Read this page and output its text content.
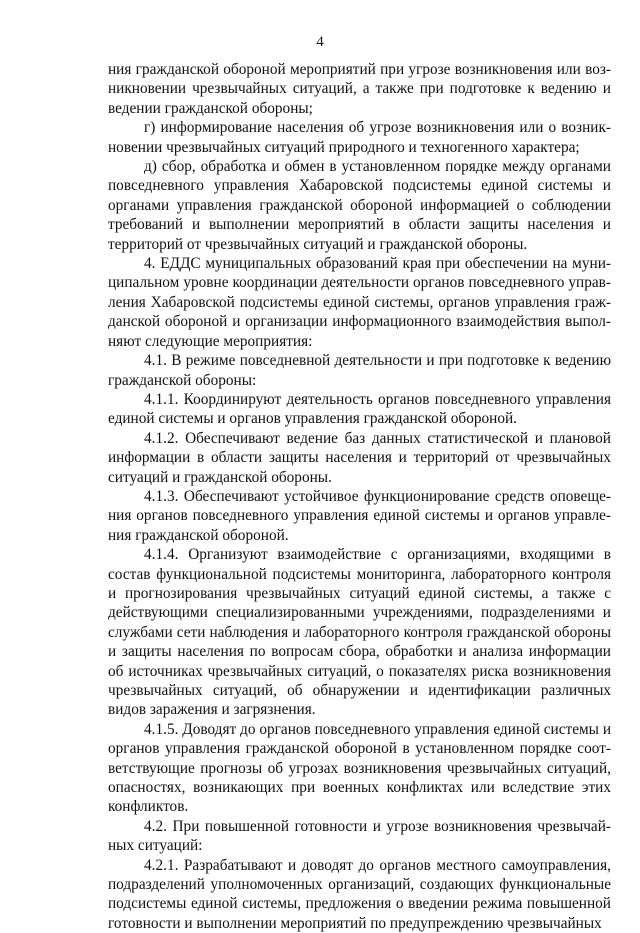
4

ния гражданской обороной мероприятий при угрозе возникновения или возникновении чрезвычайных ситуаций, а также при подготовке к ведению и ведении гражданской обороны;

г) информирование населения об угрозе возникновения или о возникновении чрезвычайных ситуаций природного и техногенного характера;

д) сбор, обработка и обмен в установленном порядке между органами повседневного управления Хабаровской подсистемы единой системы и органами управления гражданской обороной информацией о соблюдении требований и выполнении мероприятий в области защиты населения и территорий от чрезвычайных ситуаций и гражданской обороны.

4. ЕДДС муниципальных образований края при обеспечении на муниципальном уровне координации деятельности органов повседневного управления Хабаровской подсистемы единой системы, органов управления гражданской обороной и организации информационного взаимодействия выполняют следующие мероприятия:

4.1. В режиме повседневной деятельности и при подготовке к ведению гражданской обороны:

4.1.1. Координируют деятельность органов повседневного управления единой системы и органов управления гражданской обороной.

4.1.2. Обеспечивают ведение баз данных статистической и плановой информации в области защиты населения и территорий от чрезвычайных ситуаций и гражданской обороны.

4.1.3. Обеспечивают устойчивое функционирование средств оповещения органов повседневного управления единой системы и органов управления гражданской обороной.

4.1.4. Организуют взаимодействие с организациями, входящими в состав функциональной подсистемы мониторинга, лабораторного контроля и прогнозирования чрезвычайных ситуаций единой системы, а также с действующими специализированными учреждениями, подразделениями и службами сети наблюдения и лабораторного контроля гражданской обороны и защиты населения по вопросам сбора, обработки и анализа информации об источниках чрезвычайных ситуаций, о показателях риска возникновения чрезвычайных ситуаций, об обнаружении и идентификации различных видов заражения и загрязнения.

4.1.5. Доводят до органов повседневного управления единой системы и органов управления гражданской обороной в установленном порядке соответствующие прогнозы об угрозах возникновения чрезвычайных ситуаций, опасностях, возникающих при военных конфликтах или вследствие этих конфликтов.

4.2. При повышенной готовности и угрозе возникновения чрезвычайных ситуаций:

4.2.1. Разрабатывают и доводят до органов местного самоуправления, подразделений уполномоченных организаций, создающих функциональные подсистемы единой системы, предложения о введении режима повышенной готовности и выполнении мероприятий по предупреждению чрезвычайных
